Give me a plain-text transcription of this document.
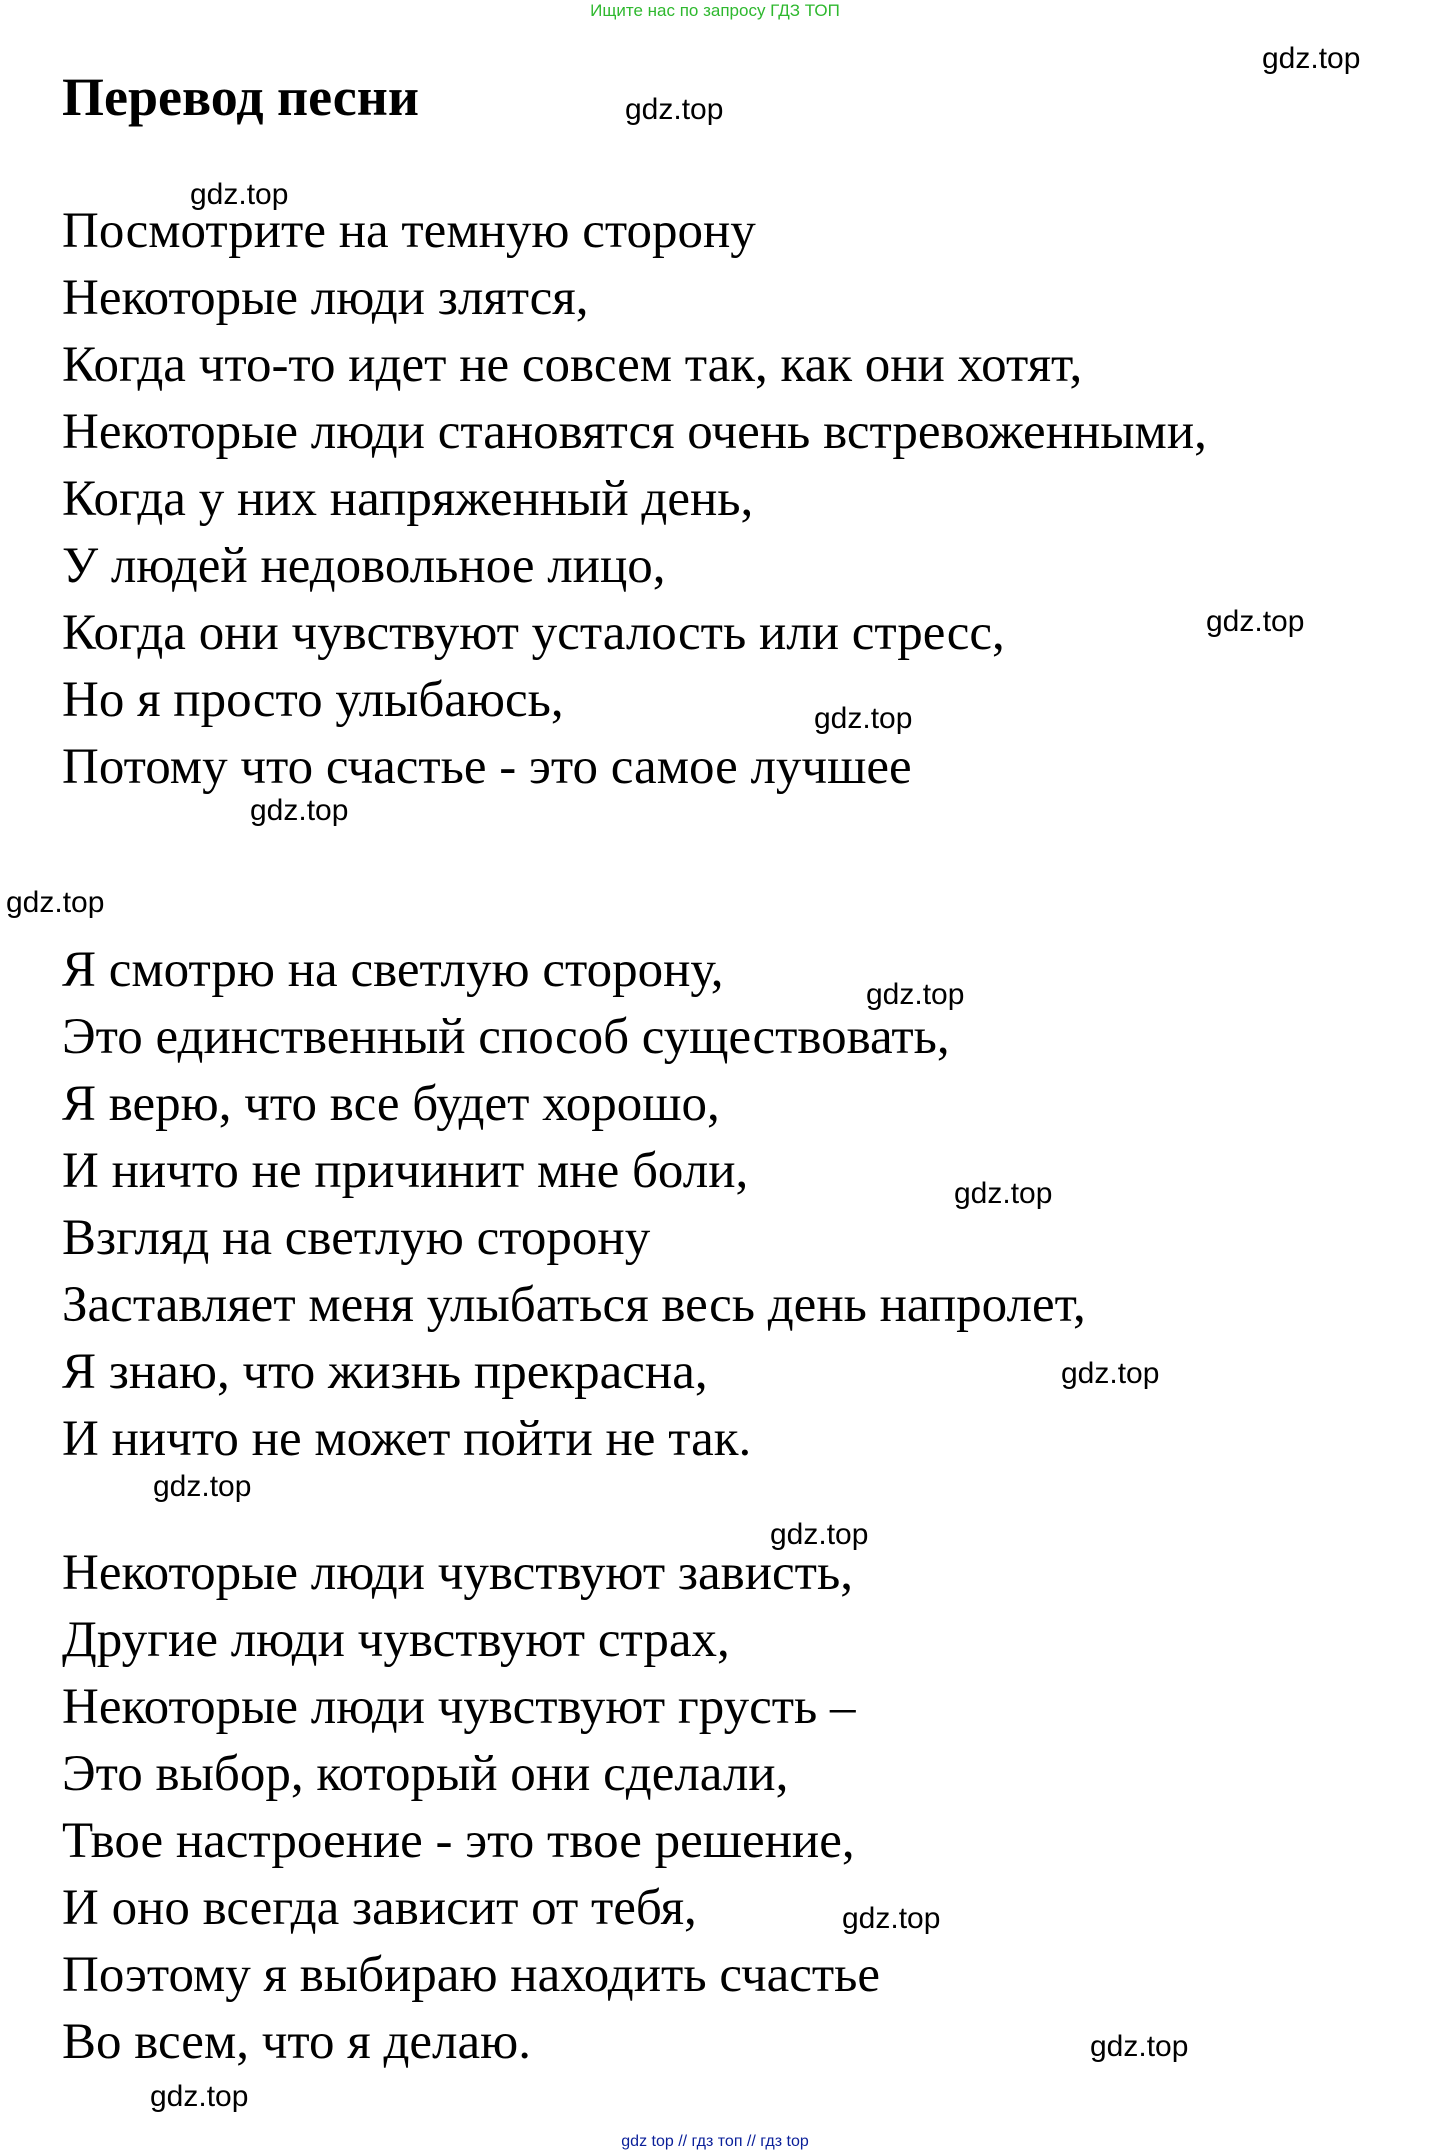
Ищите нас по запросу ГДЗ ТОП
Перевод песни
Посмотрите на темную сторону
Некоторые люди злятся,
Когда что-то идет не совсем так, как они хотят,
Некоторые люди становятся очень встревоженными,
Когда у них напряженный день,
У людей недовольное лицо,
Когда они чувствуют усталость или стресс,
Но я просто улыбаюсь,
Потому что счастье - это самое лучшее
Я смотрю на светлую сторону,
Это единственный способ существовать,
Я верю, что все будет хорошо,
И ничто не причинит мне боли,
Взгляд на светлую сторону
Заставляет меня улыбаться весь день напролет,
Я знаю, что жизнь прекрасна,
И ничто не может пойти не так.
Некоторые люди чувствуют зависть,
Другие люди чувствуют страх,
Некоторые люди чувствуют грусть –
Это выбор, который они сделали,
Твое настроение - это твое решение,
И оно всегда зависит от тебя,
Поэтому я выбираю находить счастье
Во всем, что я делаю.
gdz.top
gdz.top
gdz.top
gdz.top
gdz.top
gdz.top
gdz.top
gdz.top
gdz.top
gdz.top
gdz.top
gdz.top
gdz.top
gdz.top
gdz.top
gdz top // гдз топ // гдз top
